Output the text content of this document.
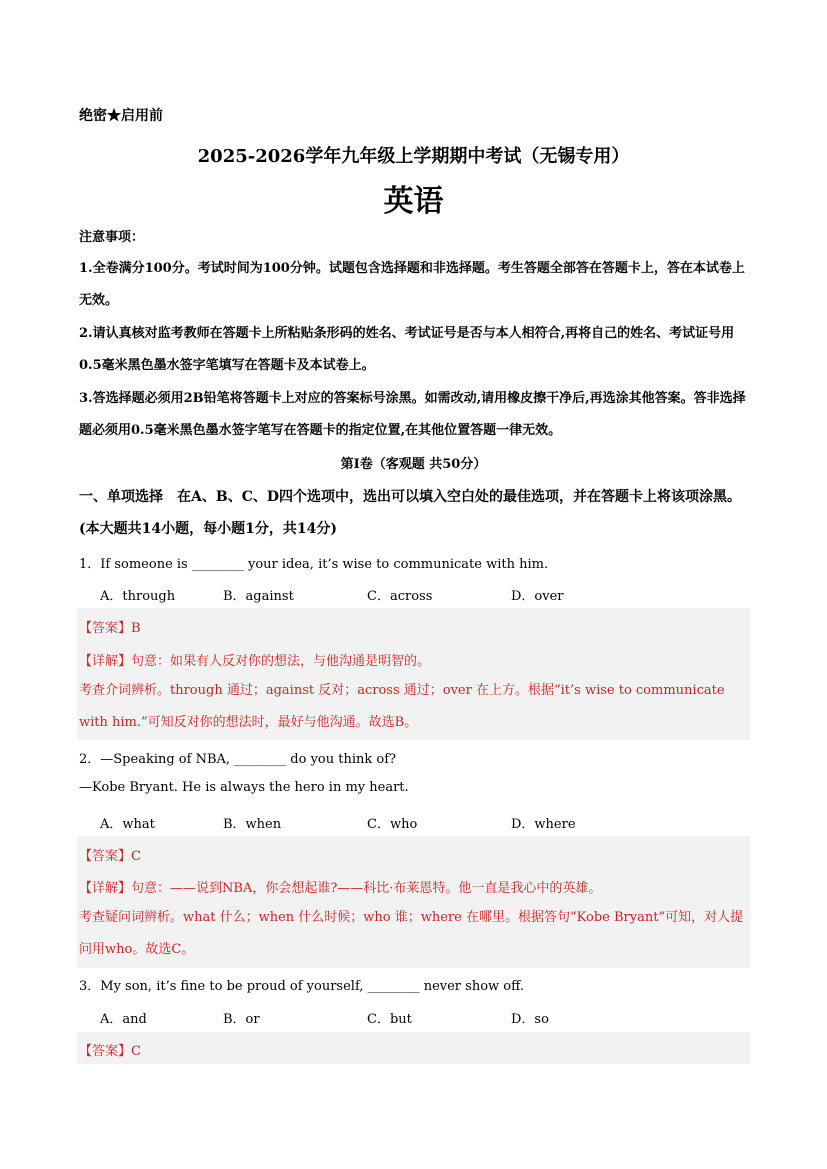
绝密★启用前
2025-2026学年九年级上学期期中考试（无锡专用）
英语
注意事项：
1.全卷满分100分。考试时间为100分钟。试题包含选择题和非选择题。考生答题全部答在答题卡上，答在本试卷上无效。
2.请认真核对监考教师在答题卡上所粘贴条形码的姓名、考试证号是否与本人相符合,再将自己的姓名、考试证号用0.5毫米黑色墨水签字笔填写在答题卡及本试卷上。
3.答选择题必须用2B铅笔将答题卡上对应的答案标号涂黑。如需改动,请用橡皮擦干净后,再选涂其他答案。答非选择题必须用0.5毫米黑色墨水签字笔写在答题卡的指定位置,在其他位置答题一律无效。
第I卷（客观题 共50分）
一、单项选择　在A、B、C、D四个选项中，选出可以填入空白处的最佳选项，并在答题卡上将该项涂黑。(本大题共14小题，每小题1分，共14分)
1．If someone is ________ your idea, it’s wise to communicate with him.
A．through	B．against	C．across	D．over
【答案】B
【详解】句意：如果有人反对你的想法，与他沟通是明智的。
考查介词辨析。through 通过；against 反对；across 通过；over 在上方。根据“it’s wise to communicate with him.”可知反对你的想法时，最好与他沟通。故选B。
2．—Speaking of NBA, ________ do you think of?
—Kobe Bryant. He is always the hero in my heart.
A．what	B．when	C．who	D．where
【答案】C
【详解】句意：——说到NBA，你会想起谁?——科比·布莱恩特。他一直是我心中的英雄。
考查疑问词辨析。what 什么；when 什么时候；who 谁；where 在哪里。根据答句“Kobe Bryant”可知，对人提问用who。故选C。
3．My son, it’s fine to be proud of yourself, ________ never show off.
A．and	B．or	C．but	D．so
【答案】C
